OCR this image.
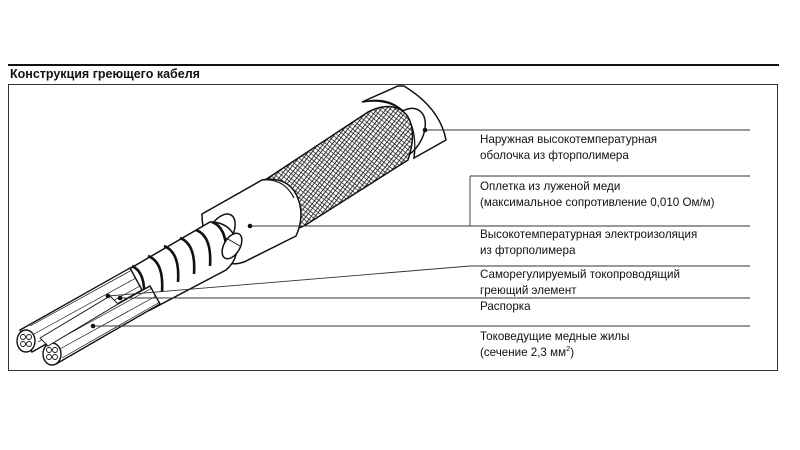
Конструкция греющего кабеля
Наружная высокотемпературная
оболочка из фторполимера
Оплетка из луженой меди
(максимальное сопротивление 0,010 Ом/м)
Высокотемпературная электроизоляция
из фторполимера
Саморегулируемый токопроводящий
греющий элемент
Распорка
Токоведущие медные жилы
(сечение 2,3 $мм^2$)
